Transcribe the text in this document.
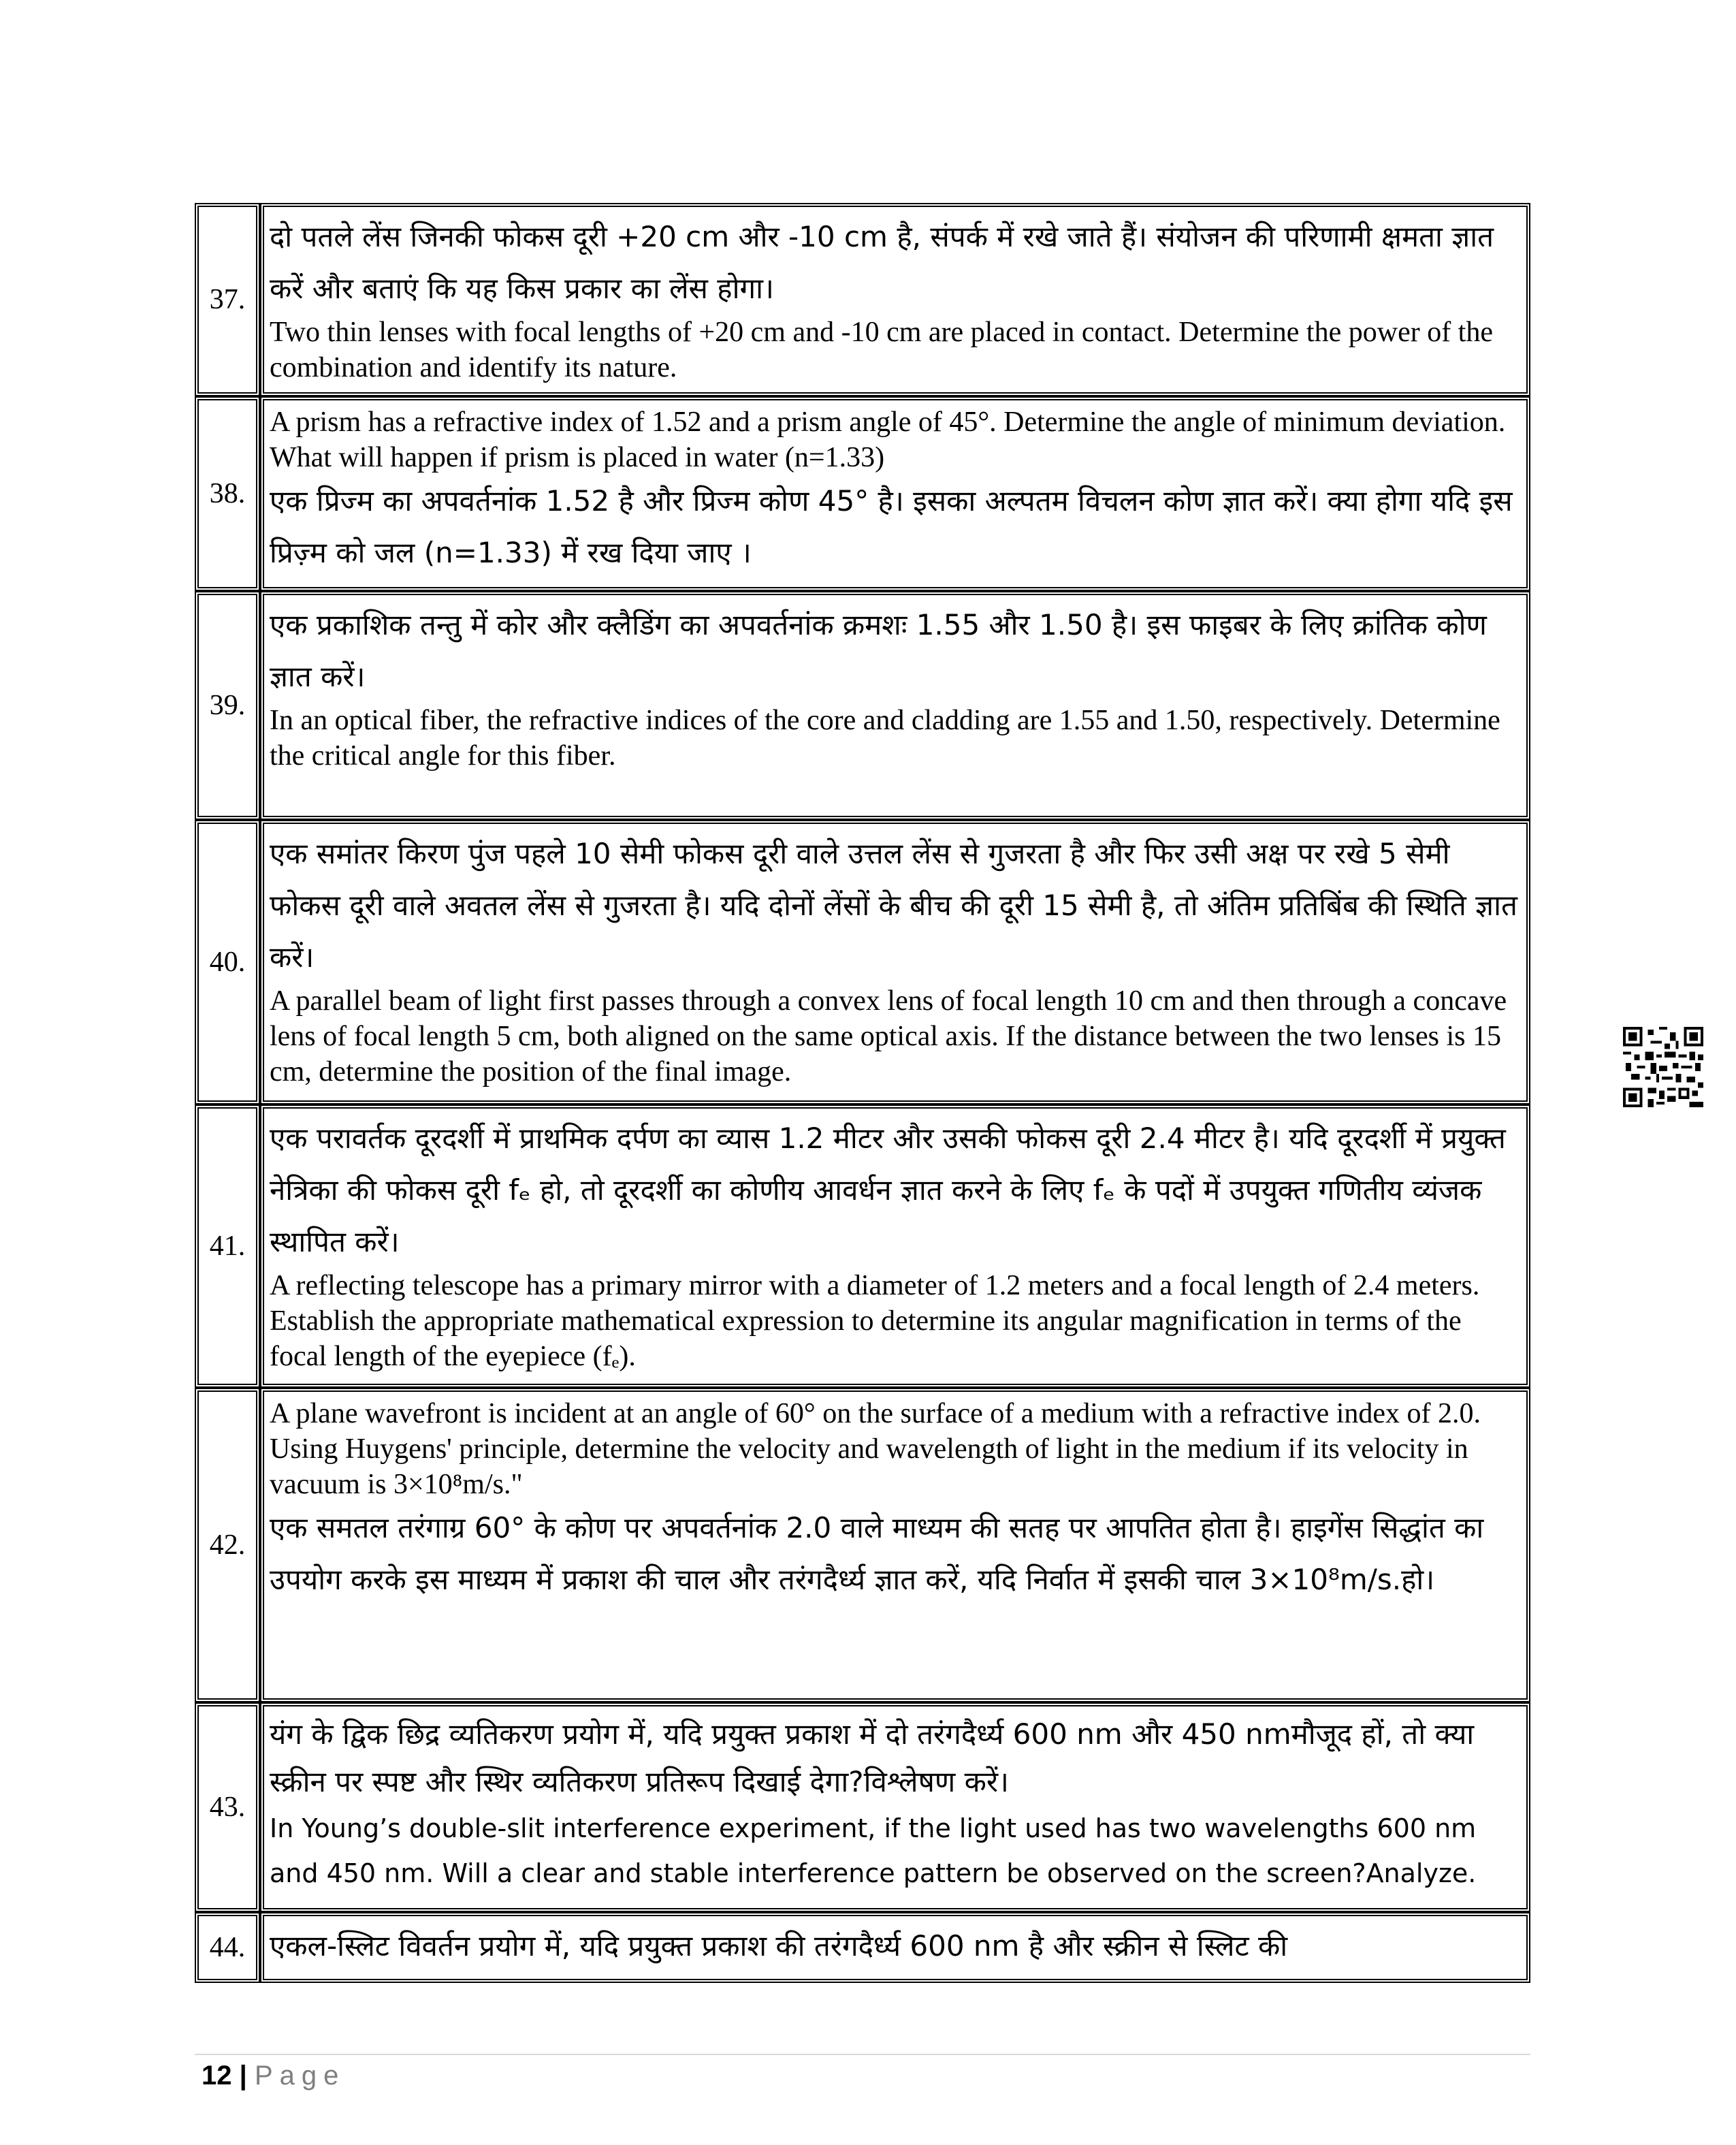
37.

दो पतले लेंस जिनकी फोकस दूरी +20 cm और -10 cm है, संपर्क में रखे जाते हैं। संयोजन की परिणामी क्षमता ज्ञात करें और बताएं कि यह किस प्रकार का लेंस होगा।

Two thin lenses with focal lengths of +20 cm and -10 cm are placed in contact. Determine the power of the combination and identify its nature.

38.

A prism has a refractive index of 1.52 and a prism angle of 45°. Determine the angle of minimum deviation. What will happen if prism is placed in water (n=1.33)

एक प्रिज्म का अपवर्तनांक 1.52 है और प्रिज्म कोण 45° है। इसका अल्पतम विचलन कोण ज्ञात करें। क्या होगा यदि इस प्रिज़्म को जल (n=1.33) में रख दिया जाए ।

39.

एक प्रकाशिक तन्तु में कोर और क्लैडिंग का अपवर्तनांक क्रमशः 1.55 और 1.50 है। इस फाइबर के लिए क्रांतिक कोण ज्ञात करें।

In an optical fiber, the refractive indices of the core and cladding are 1.55 and 1.50, respectively. Determine the critical angle for this fiber.

40.

एक समांतर किरण पुंज पहले 10 सेमी फोकस दूरी वाले उत्तल लेंस से गुजरता है और फिर उसी अक्ष पर रखे 5 सेमी फोकस दूरी वाले अवतल लेंस से गुजरता है। यदि दोनों लेंसों के बीच की दूरी 15 सेमी है, तो अंतिम प्रतिबिंब की स्थिति ज्ञात करें।

A parallel beam of light first passes through a convex lens of focal length 10 cm and then through a concave lens of focal length 5 cm, both aligned on the same optical axis. If the distance between the two lenses is 15 cm, determine the position of the final image.

41.

एक परावर्तक दूरदर्शी में प्राथमिक दर्पण का व्यास 1.2 मीटर और उसकी फोकस दूरी 2.4 मीटर है। यदि दूरदर्शी में प्रयुक्त नेत्रिका की फोकस दूरी fₑ हो, तो दूरदर्शी का कोणीय आवर्धन ज्ञात करने के लिए fₑ के पदों में उपयुक्त गणितीय व्यंजक स्थापित करें।

A reflecting telescope has a primary mirror with a diameter of 1.2 meters and a focal length of 2.4 meters. Establish the appropriate mathematical expression to determine its angular magnification in terms of the focal length of the eyepiece (fₑ).

42.

A plane wavefront is incident at an angle of 60° on the surface of a medium with a refractive index of 2.0. Using Huygens' principle, determine the velocity and wavelength of light in the medium if its velocity in vacuum is 3×10⁸m/s."

एक समतल तरंगाग्र 60° के कोण पर अपवर्तनांक 2.0 वाले माध्यम की सतह पर आपतित होता है। हाइगेंस सिद्धांत का उपयोग करके इस माध्यम में प्रकाश की चाल और तरंगदैर्ध्य ज्ञात करें, यदि निर्वात में इसकी चाल 3×10⁸m/s.हो।

43.

यंग के द्विक छिद्र व्यतिकरण प्रयोग में, यदि प्रयुक्त प्रकाश में दो तरंगदैर्ध्य 600 nm और 450 nmमौजूद हों, तो क्या स्क्रीन पर स्पष्ट और स्थिर व्यतिकरण प्रतिरूप दिखाई देगा?विश्लेषण करें।

In Young’s double-slit interference experiment, if the light used has two wavelengths 600 nm and 450 nm. Will a clear and stable interference pattern be observed on the screen?Analyze.

44. एकल-स्लिट विवर्तन प्रयोग में, यदि प्रयुक्त प्रकाश की तरंगदैर्ध्य 600 nm है और स्क्रीन से स्लिट की

12 | Page
